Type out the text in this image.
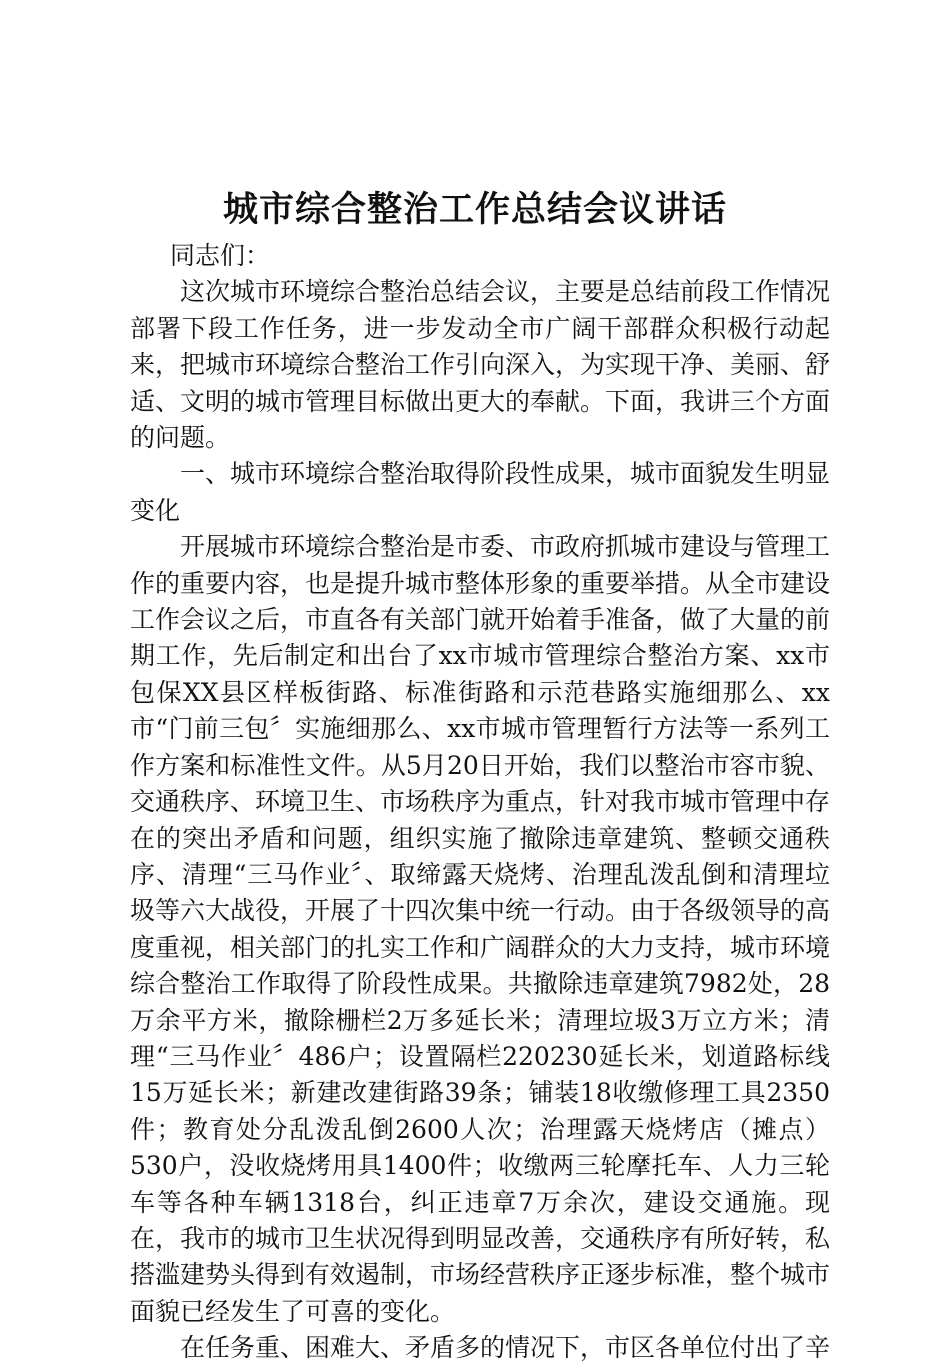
城市综合整治工作总结会议讲话

同志们：

这次城市环境综合整治总结会议，主要是总结前段工作情况部署下段工作任务，进一步发动全市广阔干部群众积极行动起来，把城市环境综合整治工作引向深入，为实现干净、美丽、舒适、文明的城市管理目标做出更大的奉献。下面，我讲三个方面的问题。

一、城市环境综合整治取得阶段性成果，城市面貌发生明显变化

开展城市环境综合整治是市委、市政府抓城市建设与管理工作的重要内容，也是提升城市整体形象的重要举措。从全市建设工作会议之后，市直各有关部门就开始着手准备，做了大量的前期工作，先后制定和出台了xx市城市管理综合整治方案、xx市包保XX县区样板街路、标准街路和示范巷路实施细那么、xx市“门前三包〞实施细那么、xx市城市管理暂行方法等一系列工作方案和标准性文件。从5月20日开始，我们以整治市容市貌、交通秩序、环境卫生、市场秩序为重点，针对我市城市管理中存在的突出矛盾和问题，组织实施了撤除违章建筑、整顿交通秩序、清理“三马作业〞、取缔露天烧烤、治理乱泼乱倒和清理垃圾等六大战役，开展了十四次集中统一行动。由于各级领导的高度重视，相关部门的扎实工作和广阔群众的大力支持，城市环境综合整治工作取得了阶段性成果。共撤除违章建筑7982处，28万余平方米，撤除栅栏2万多延长米；清理垃圾3万立方米；清理“三马作业〞486户；设置隔栏220230延长米，划道路标线15万延长米；新建改建街路39条；铺装18收缴修理工具2350件；教育处分乱泼乱倒2600人次；治理露天烧烤店（摊点）530户，没收烧烤用具1400件；收缴两三轮摩托车、人力三轮车等各种车辆1318台，纠正违章7万余次，建设交通施。现在，我市的城市卫生状况得到明显改善，交通秩序有所好转，私搭滥建势头得到有效遏制，市场经营秩序正逐步标准，整个城市面貌已经发生了可喜的变化。

在任务重、困难大、矛盾多的情况下，市区各单位付出了辛
